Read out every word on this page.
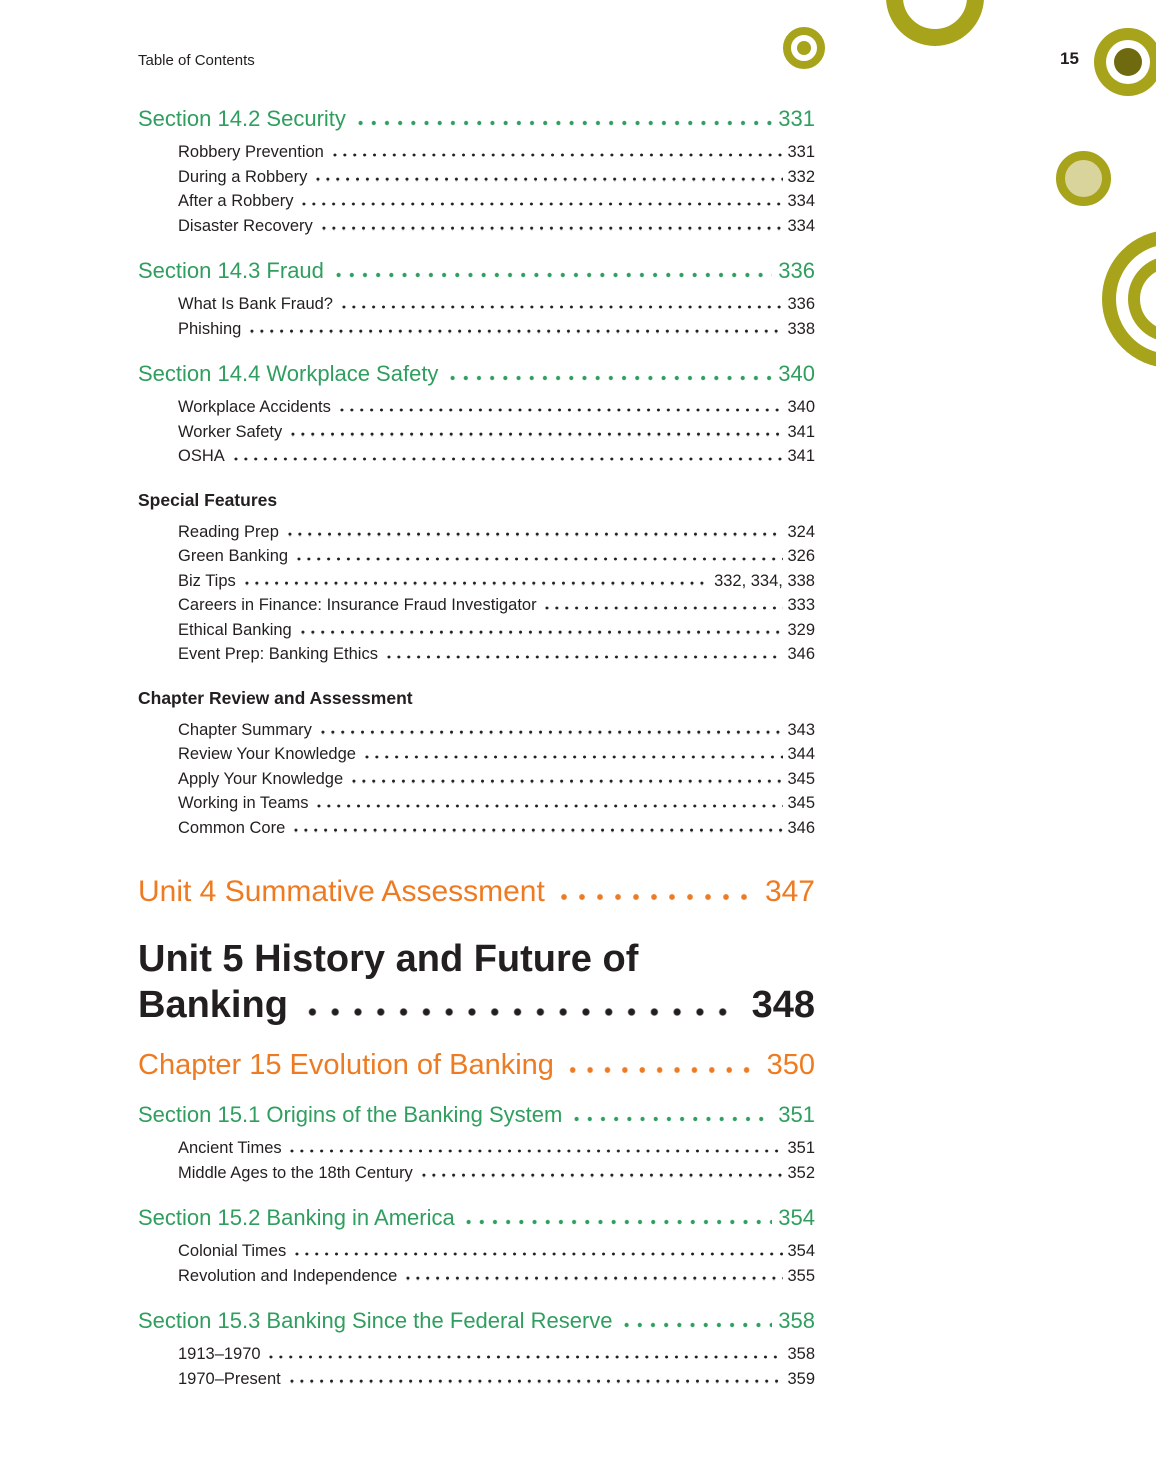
Table of Contents	15
Section 14.2 Security	331
Robbery Prevention	331
During a Robbery	332
After a Robbery	334
Disaster Recovery	334
Section 14.3 Fraud	336
What Is Bank Fraud?	336
Phishing	338
Section 14.4 Workplace Safety	340
Workplace Accidents	340
Worker Safety	341
OSHA	341
Special Features
Reading Prep	324
Green Banking	326
Biz Tips	332, 334, 338
Careers in Finance: Insurance Fraud Investigator	333
Ethical Banking	329
Event Prep: Banking Ethics	346
Chapter Review and Assessment
Chapter Summary	343
Review Your Knowledge	344
Apply Your Knowledge	345
Working in Teams	345
Common Core	346
Unit 4 Summative Assessment	347
Unit 5 History and Future of
Banking	348
Chapter 15 Evolution of Banking	350
Section 15.1 Origins of the Banking System	351
Ancient Times	351
Middle Ages to the 18th Century	352
Section 15.2 Banking in America	354
Colonial Times	354
Revolution and Independence	355
Section 15.3 Banking Since the Federal Reserve	358
1913–1970	358
1970–Present	359
